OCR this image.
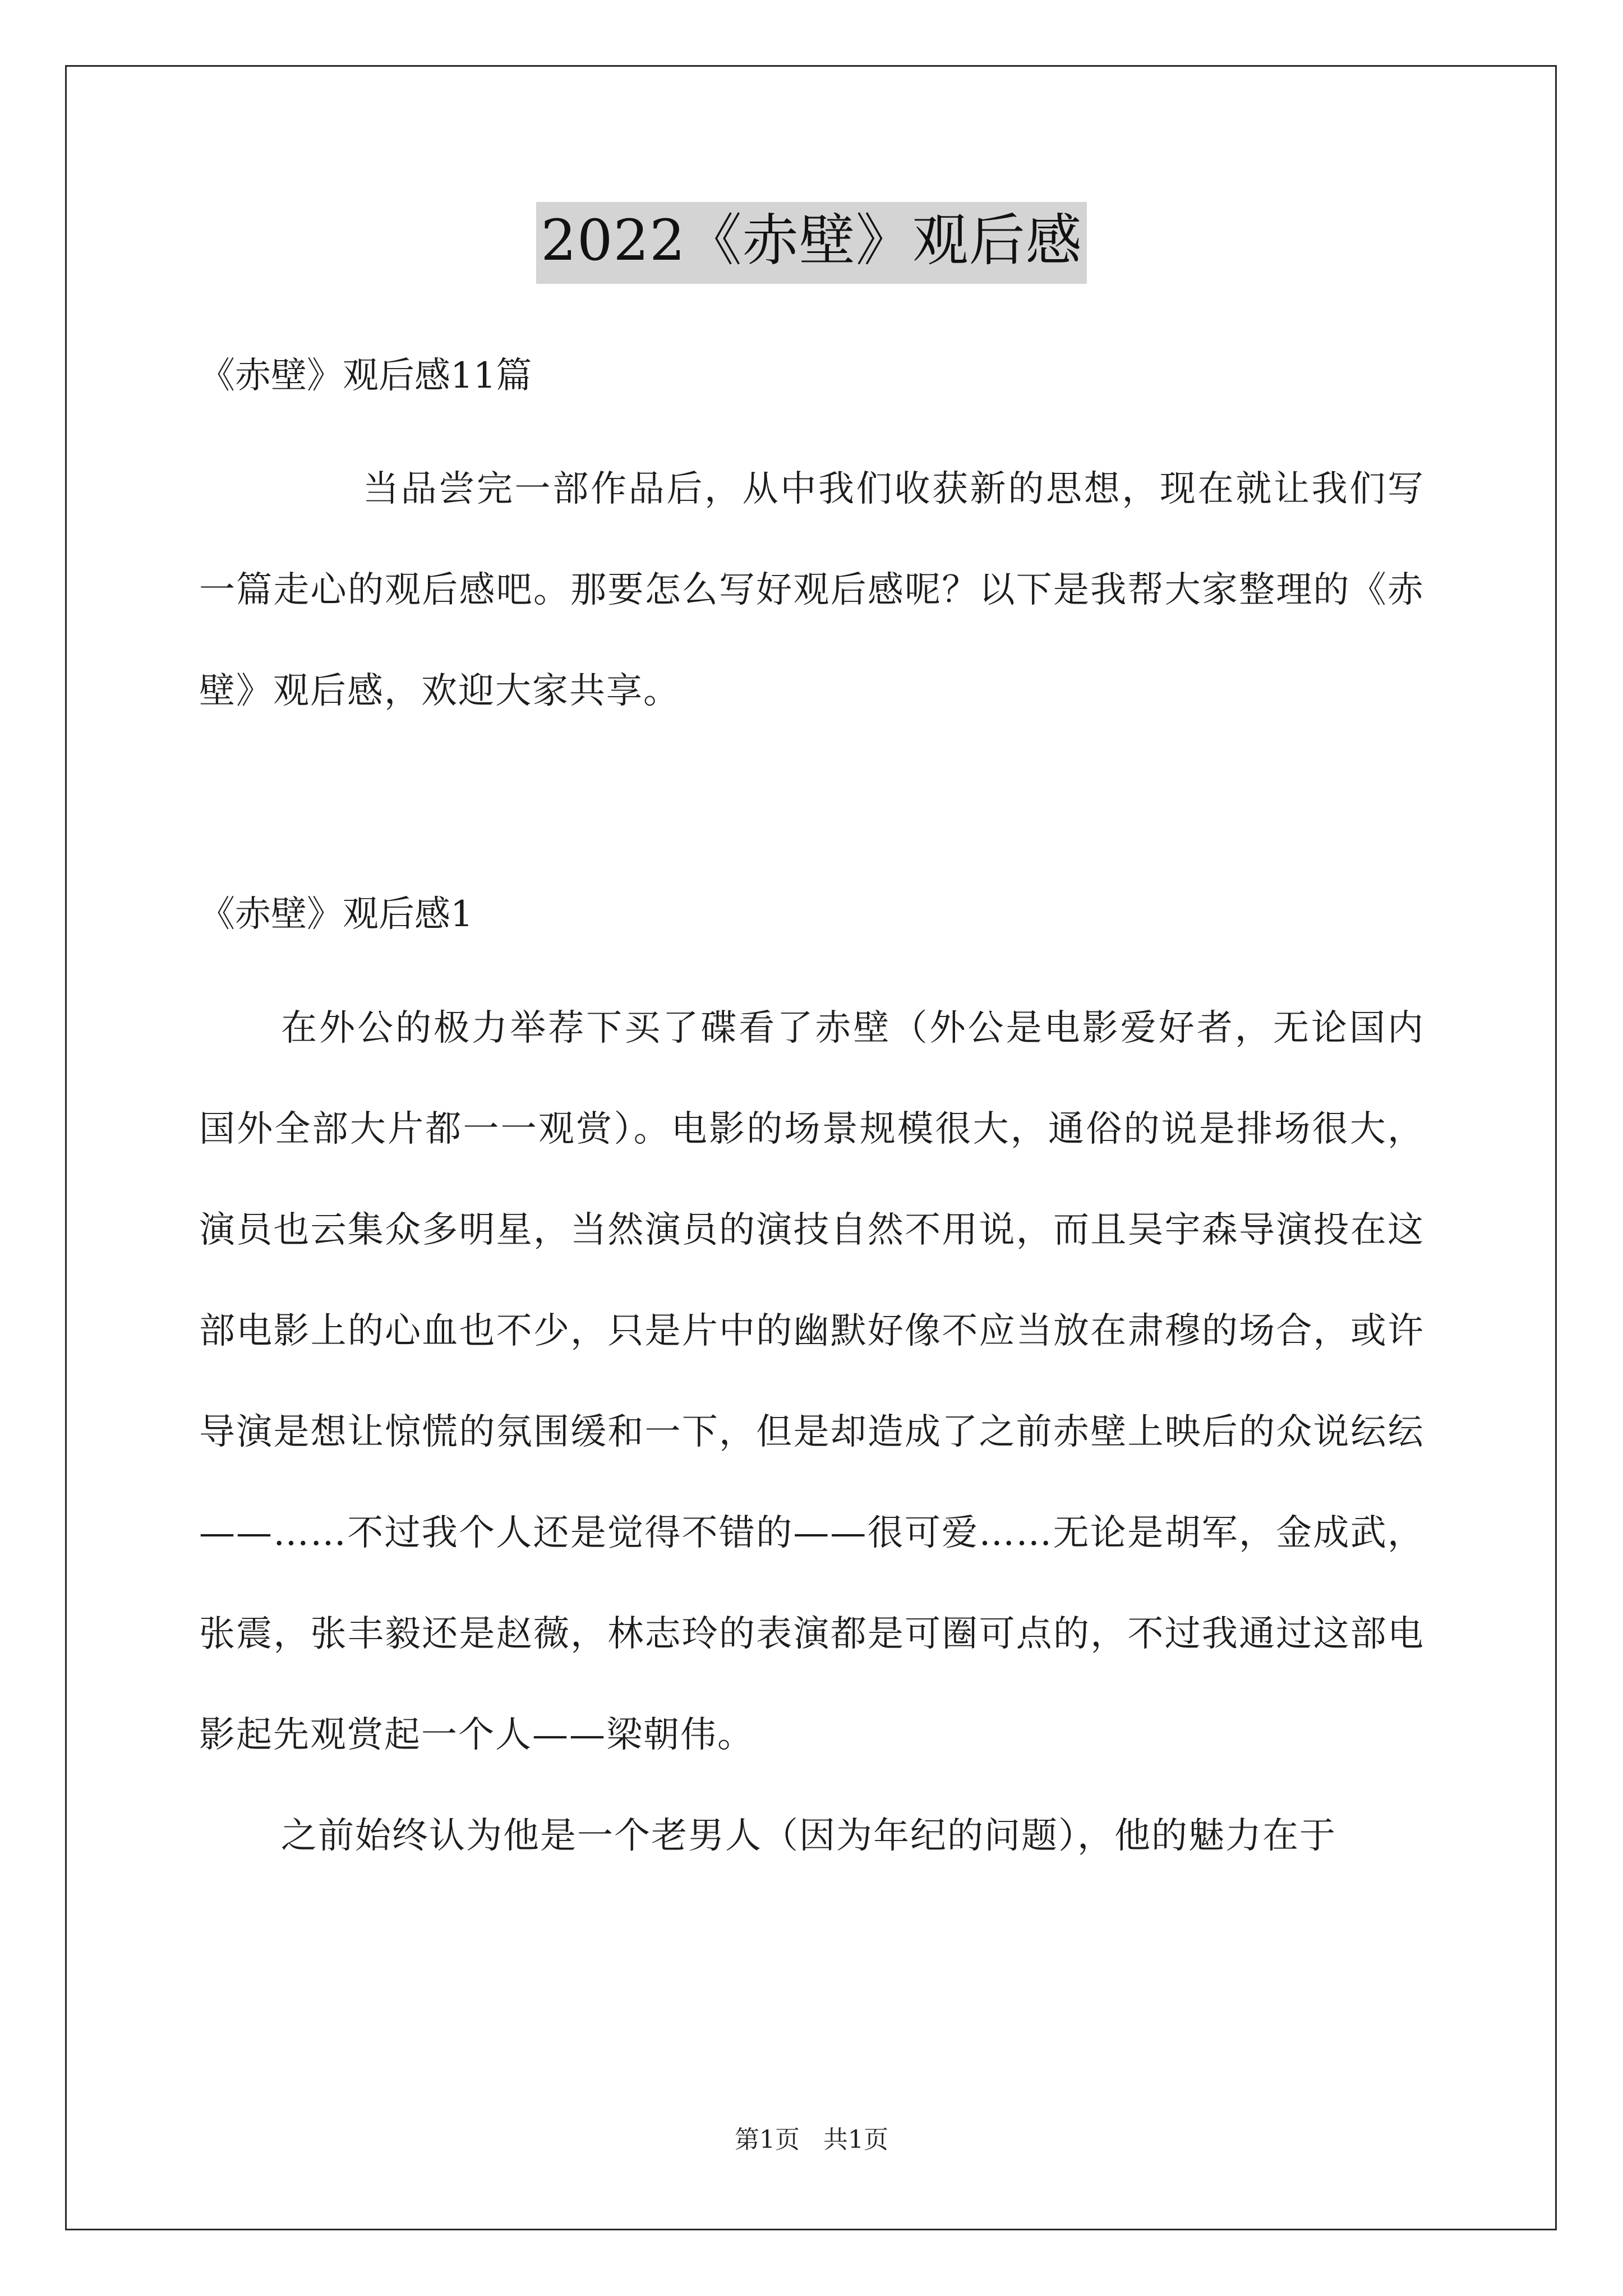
2022《赤壁》观后感
《赤壁》观后感11篇
当品尝完一部作品后，从中我们收获新的思想，现在就让我们写一篇走心的观后感吧。那要怎么写好观后感呢？以下是我帮大家整理的《赤壁》观后感，欢迎大家共享。
《赤壁》观后感1
在外公的极力举荐下买了碟看了赤壁（外公是电影爱好者，无论国内国外全部大片都一一观赏）。电影的场景规模很大，通俗的说是排场很大，演员也云集众多明星，当然演员的演技自然不用说，而且吴宇森导演投在这部电影上的心血也不少，只是片中的幽默好像不应当放在肃穆的场合，或许导演是想让惊慌的氛围缓和一下，但是却造成了之前赤壁上映后的众说纭纭——……不过我个人还是觉得不错的——很可爱……无论是胡军，金成武，张震，张丰毅还是赵薇，林志玲的表演都是可圈可点的，不过我通过这部电影起先观赏起一个人——梁朝伟。
之前始终认为他是一个老男人（因为年纪的问题），他的魅力在于
第1页   共1页
